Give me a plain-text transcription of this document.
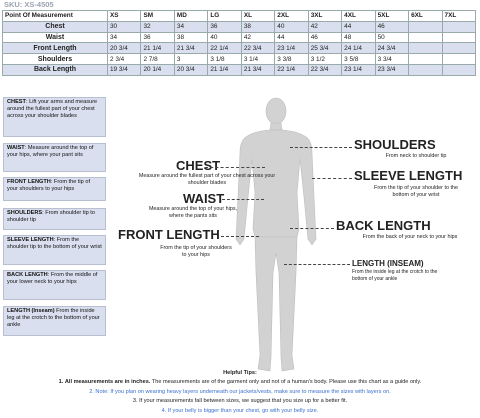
SKU: XS-4505
Point Of Measurement	XS	SM	MD	LG	XL	2XL	3XL	4XL	5XL	6XL	7XL
Chest	30	32	34	36	38	40	42	44	46		
Waist	34	36	38	40	42	44	46	48	50		
Front Length	20 3/4	21 1/4	21 3/4	22 1/4	22 3/4	23 1/4	25 3/4	24 1/4	24 3/4		
Shoulders	2 3/4	2 7/8	3	3 1/8	3 1/4	3 3/8	3 1/2	3 5/8	3 3/4		
Back Length	19 3/4	20 1/4	20 3/4	21 1/4	21 3/4	22 1/4	22 3/4	23 1/4	23 3/4		
CHEST: Lift your arms and measure around the fullest part of your chest across your shoulder blades
WAIST: Measure around the top of your hips, where your pant sits
FRONT LENGTH: From the tip of your shoulders to your hips
SHOULDERS: From shoulder tip to shoulder tip
SLEEVE LENGTH: From the shoulder tip to the bottom of your wrist
BACK LENGTH: From the middle of your lower neck to your hips
LENGTH (Inseam) From the inside leg at the crotch to the bottom of your ankle
CHEST
Measure around the fullest part of your chest across your shoulder blades
WAIST
Measure around the top of your hips, where the pants sits
FRONT LENGTH
From the tip of your shoulders to your hips
SHOULDERS
From neck to shoulder tip
SLEEVE LENGTH
From the tip of your shoulder to the bottom of your wrist
BACK LENGTH
From the back of your neck to your hips
LENGTH (INSEAM)
From the inside leg at the crotch to the bottom of your ankle
Helpful Tips:
1. All measurements are in inches. The measurements are of the garment only and not of a human's body. Please use this chart as a guide only.
2. Note: If you plan on wearing heavy layers underneath our jackets/vests, make sure to measure the sizes with layers on.
3. If your measurements fall between sizes, we suggest that you size up for a better fit.
4. If your belly is bigger than your chest, go with your belly size.
